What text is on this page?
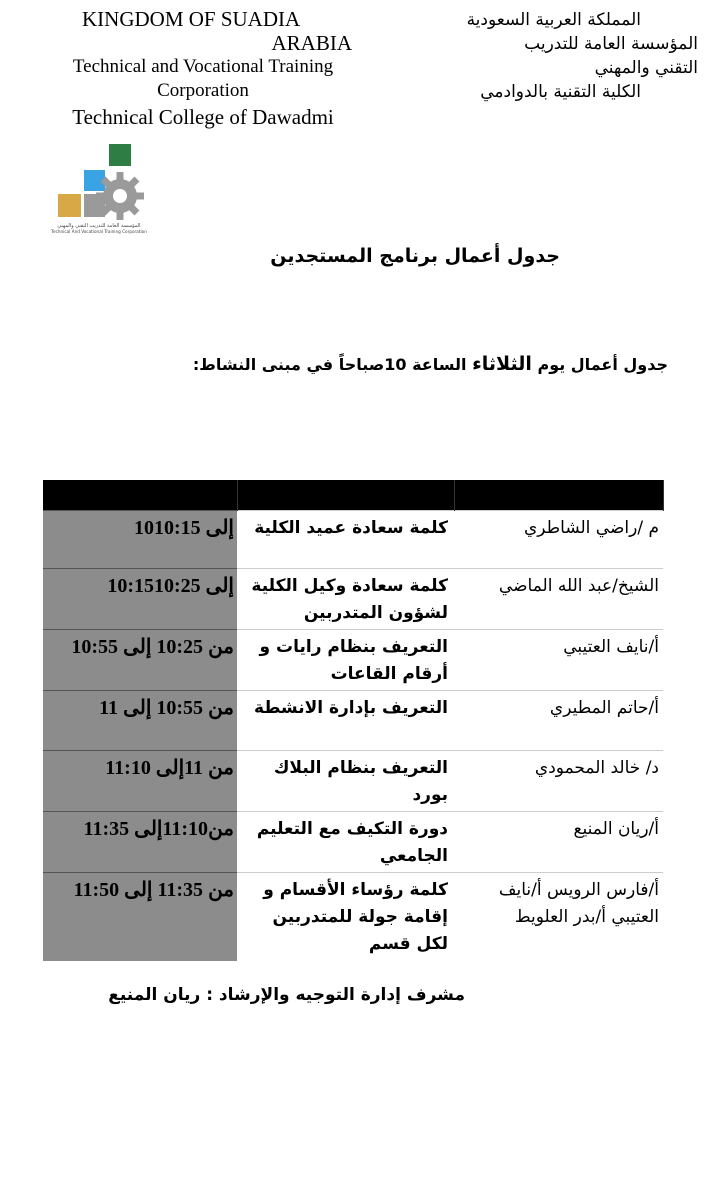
KINGDOM OF SUADIA
ARABIA
Technical and Vocational Training
Corporation
Technical College of Dawadmi
المملكة العربية السعودية
المؤسسة العامة للتدريب
التقني والمهني
الكلية التقنية بالدوادمي
المؤسسة العامة للتدريب التقني والمهني
Technical And Vocational Training Corporation
جدول أعمال برنامج المستجدين
جدول أعمال يوم الثلاثاء الساعة 10صباحاً في مبنى النشاط:

10إلى 10:15	كلمة سعادة عميد الكلية	م /راضي الشاطري
10:15إلى 10:25	كلمة سعادة وكيل الكلية لشؤون المتدربين	الشيخ/عبد الله الماضي
من 10:25 إلى 10:55	التعريف بنظام رايات و أرقام القاعات	أ/نايف العتيبي
من 10:55 إلى 11	التعريف بإدارة الانشطة	أ/حاتم المطيري
من 11إلى 11:10	التعريف بنظام البلاك بورد	د/ خالد المحمودي
من11:10إلى 11:35	دورة التكيف مع التعليم الجامعي	أ/ريان المنيع
من 11:35 إلى 11:50	كلمة رؤساء الأقسام و إقامة جولة للمتدربين لكل قسم	أ/فارس الرويس أ/نايف العتيبي أ/بدر العلويط
مشرف إدارة التوجيه والإرشاد : ريان المنيع
